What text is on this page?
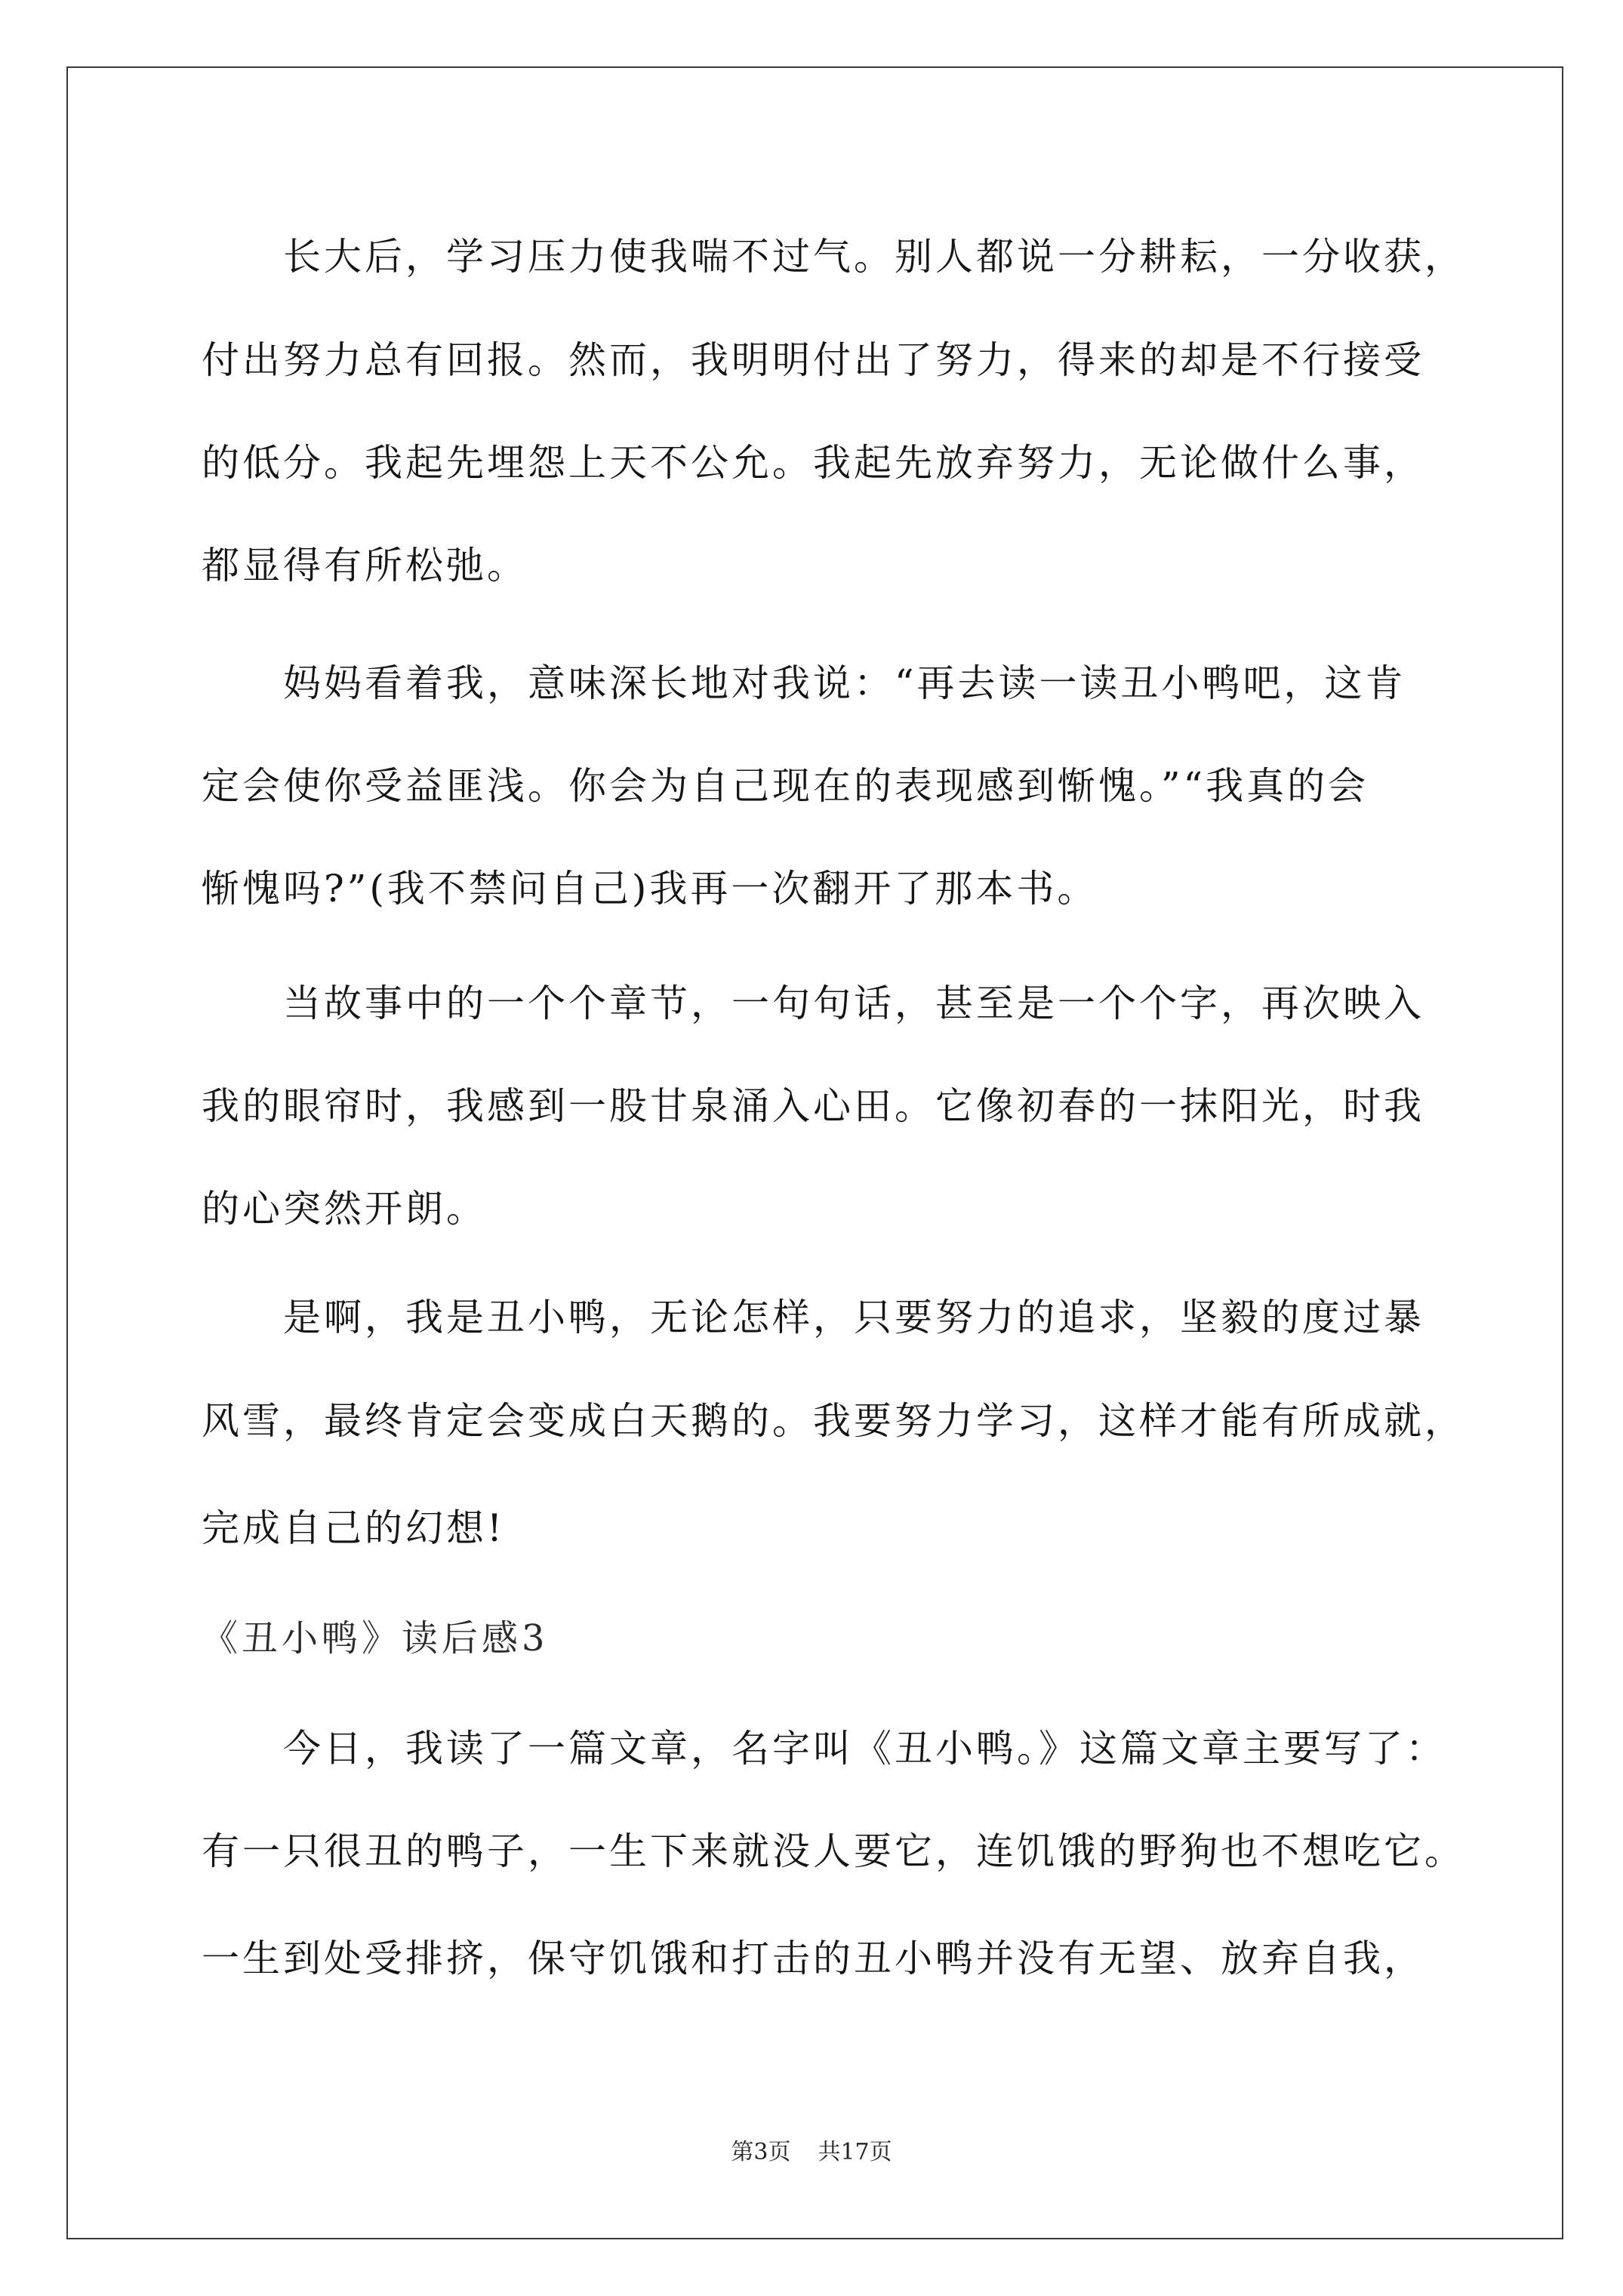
长大后，学习压力使我喘不过气。别人都说一分耕耘，一分收获，
付出努力总有回报。然而，我明明付出了努力，得来的却是不行接受
的低分。我起先埋怨上天不公允。我起先放弃努力，无论做什么事，
都显得有所松弛。
妈妈看着我，意味深长地对我说：“再去读一读丑小鸭吧，这肯
定会使你受益匪浅。你会为自己现在的表现感到惭愧。”“我真的会
惭愧吗?”(我不禁问自己)我再一次翻开了那本书。
当故事中的一个个章节，一句句话，甚至是一个个字，再次映入
我的眼帘时，我感到一股甘泉涌入心田。它像初春的一抹阳光，时我
的心突然开朗。
是啊，我是丑小鸭，无论怎样，只要努力的追求，坚毅的度过暴
风雪，最终肯定会变成白天鹅的。我要努力学习，这样才能有所成就，
完成自己的幻想!
《丑小鸭》读后感3
今日，我读了一篇文章，名字叫《丑小鸭。》这篇文章主要写了：
有一只很丑的鸭子，一生下来就没人要它，连饥饿的野狗也不想吃它。
一生到处受排挤，保守饥饿和打击的丑小鸭并没有无望、放弃自我，
第3页 共17页
